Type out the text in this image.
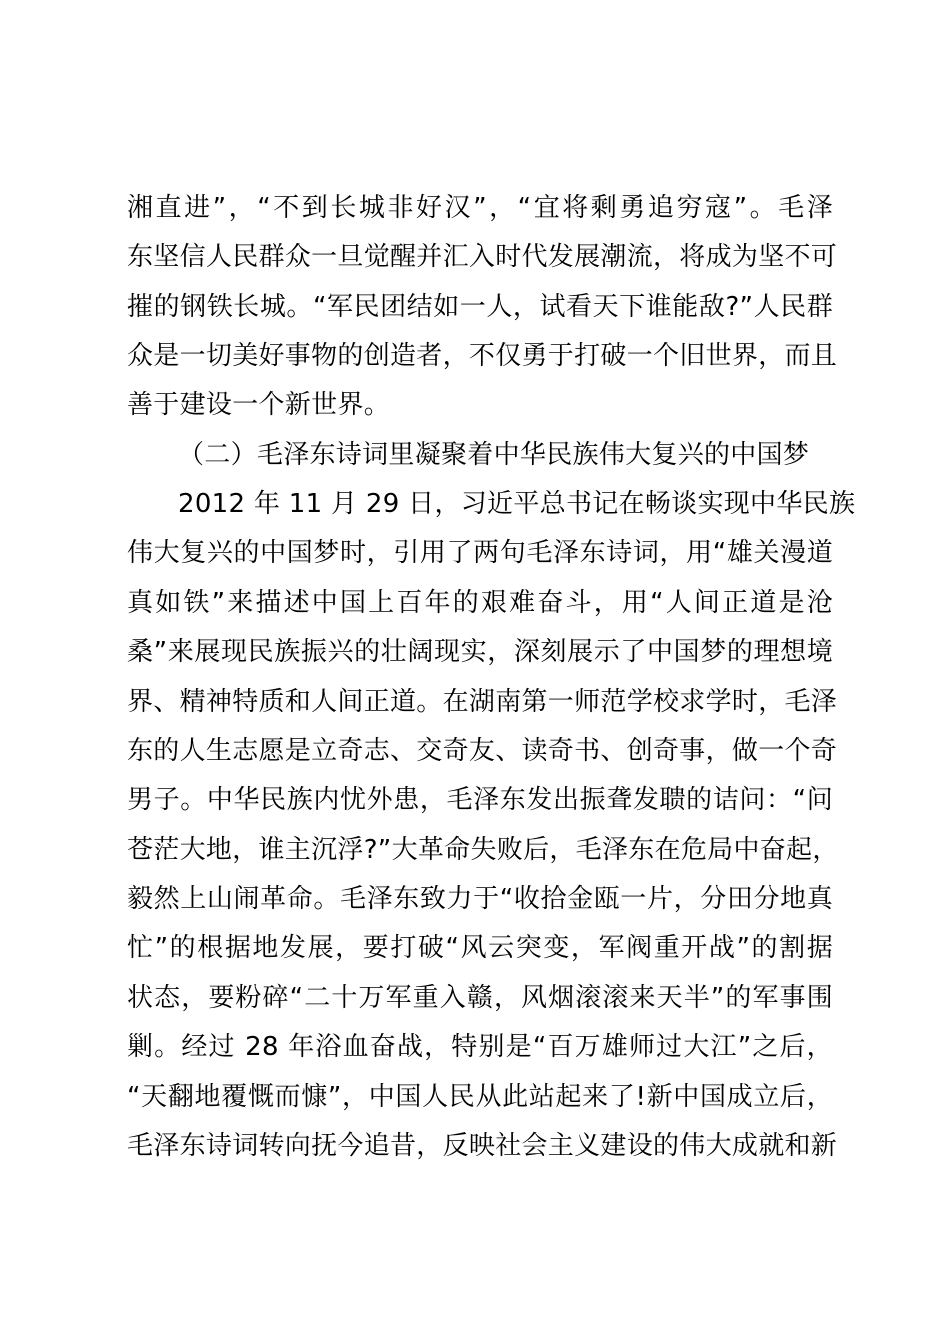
湘直进”，“不到长城非好汉”，“宜将剩勇追穷寇”。毛泽
东坚信人民群众一旦觉醒并汇入时代发展潮流，将成为坚不可
摧的钢铁长城。“军民团结如一人，试看天下谁能敌?”人民群
众是一切美好事物的创造者，不仅勇于打破一个旧世界，而且
善于建设一个新世界。
（二）毛泽东诗词里凝聚着中华民族伟大复兴的中国梦
2012 年 11 月 29 日，习近平总书记在畅谈实现中华民族
伟大复兴的中国梦时，引用了两句毛泽东诗词，用“雄关漫道
真如铁”来描述中国上百年的艰难奋斗，用“人间正道是沧
桑”来展现民族振兴的壮阔现实，深刻展示了中国梦的理想境
界、精神特质和人间正道。在湖南第一师范学校求学时，毛泽
东的人生志愿是立奇志、交奇友、读奇书、创奇事，做一个奇
男子。中华民族内忧外患，毛泽东发出振聋发聩的诘问：“问
苍茫大地，谁主沉浮?”大革命失败后，毛泽东在危局中奋起，
毅然上山闹革命。毛泽东致力于“收拾金瓯一片，分田分地真
忙”的根据地发展，要打破“风云突变，军阀重开战”的割据
状态，要粉碎“二十万军重入赣，风烟滚滚来天半”的军事围
剿。经过 28 年浴血奋战，特别是“百万雄师过大江”之后，
“天翻地覆慨而慷”，中国人民从此站起来了!新中国成立后，
毛泽东诗词转向抚今追昔，反映社会主义建设的伟大成就和新
